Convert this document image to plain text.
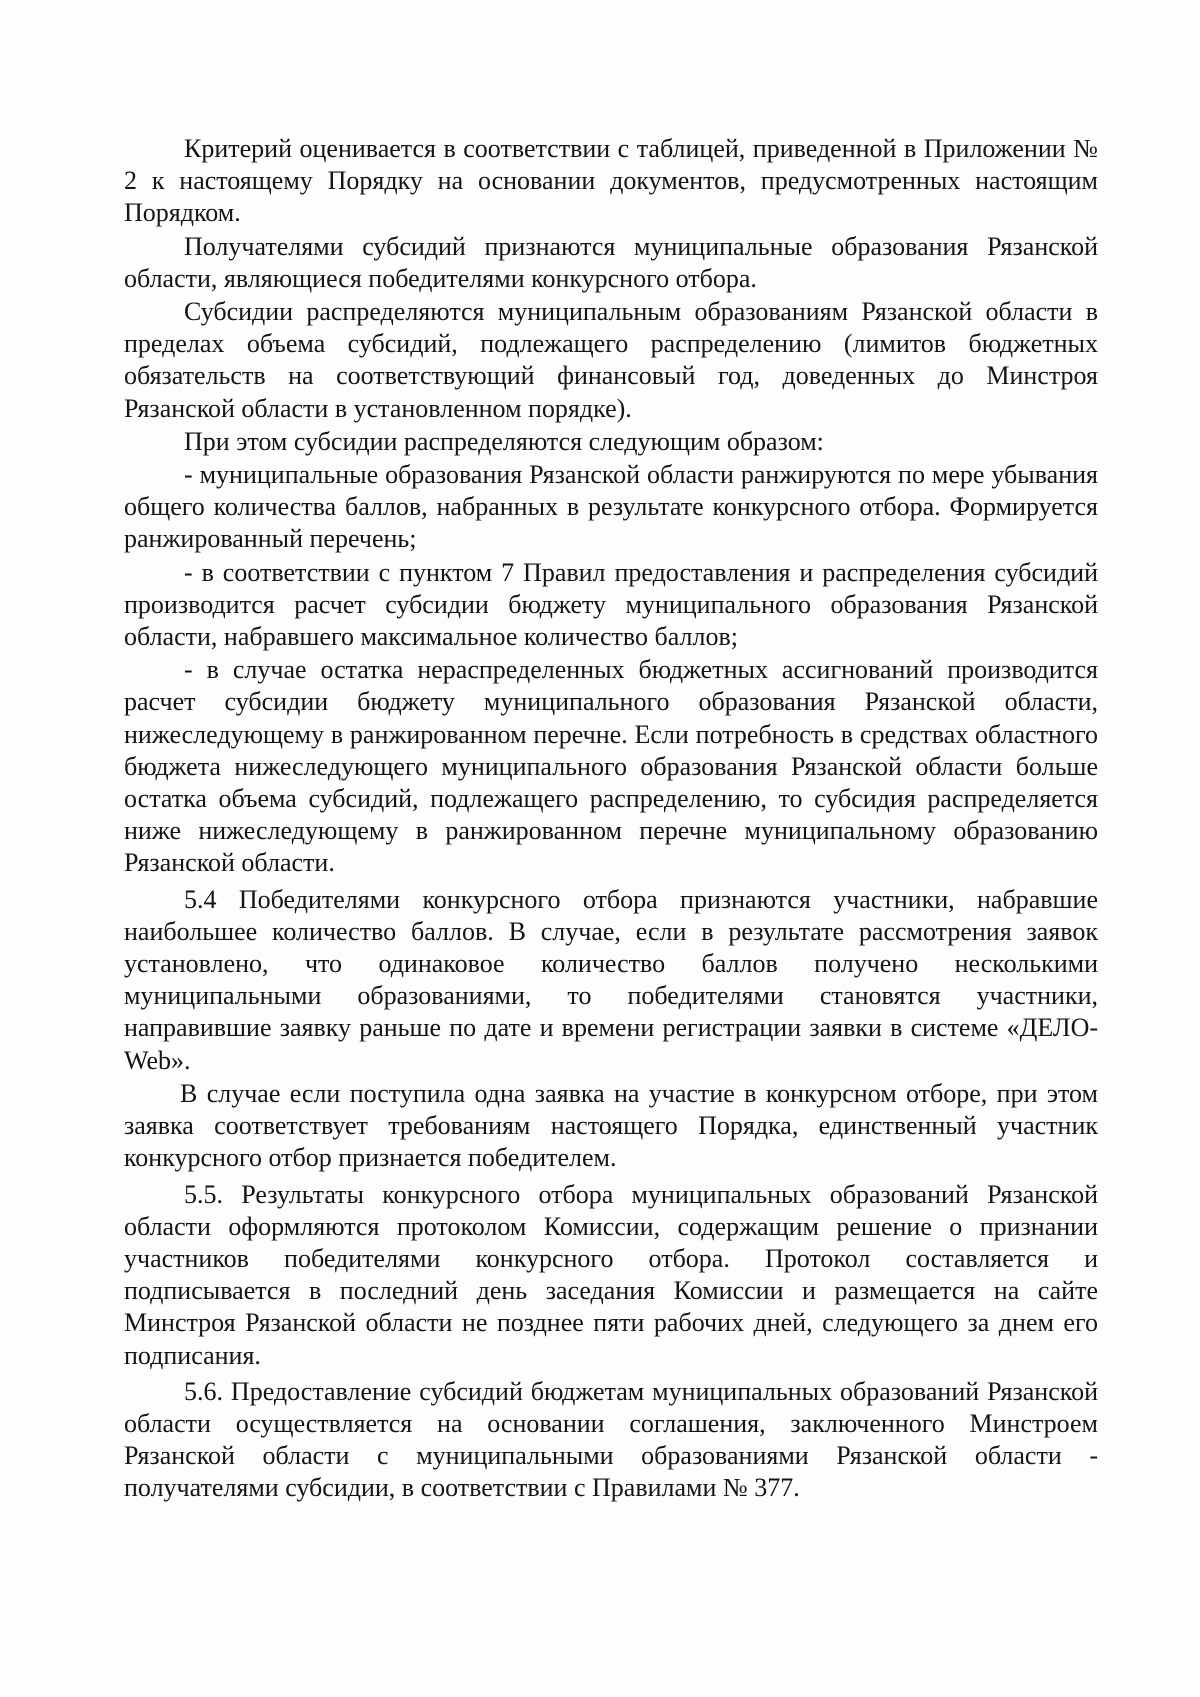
Критерий оценивается в соответствии с таблицей, приведенной в Приложении № 2 к настоящему Порядку на основании документов, предусмотренных настоящим Порядком.

Получателями субсидий признаются муниципальные образования Рязанской области, являющиеся победителями конкурсного отбора.

Субсидии распределяются муниципальным образованиям Рязанской области в пределах объема субсидий, подлежащего распределению (лимитов бюджетных обязательств на соответствующий финансовый год, доведенных до Минстроя Рязанской области в установленном порядке).

При этом субсидии распределяются следующим образом:

- муниципальные образования Рязанской области ранжируются по мере убывания общего количества баллов, набранных в результате конкурсного отбора. Формируется ранжированный перечень;

- в соответствии с пунктом 7 Правил предоставления и распределения субсидий производится расчет субсидии бюджету муниципального образования Рязанской области, набравшего максимальное количество баллов;

- в случае остатка нераспределенных бюджетных ассигнований производится расчет субсидии бюджету муниципального образования Рязанской области, нижеследующему в ранжированном перечне. Если потребность в средствах областного бюджета нижеследующего муниципального образования Рязанской области больше остатка объема субсидий, подлежащего распределению, то субсидия распределяется ниже нижеследующему в ранжированном перечне муниципальному образованию Рязанской области.

5.4 Победителями конкурсного отбора признаются участники, набравшие наибольшее количество баллов. В случае, если в результате рассмотрения заявок установлено, что одинаковое количество баллов получено несколькими муниципальными образованиями, то победителями становятся участники, направившие заявку раньше по дате и времени регистрации заявки в системе «ДЕЛО-Web».

В случае если поступила одна заявка на участие в конкурсном отборе, при этом заявка соответствует требованиям настоящего Порядка, единственный участник конкурсного отбор признается победителем.

5.5. Результаты конкурсного отбора муниципальных образований Рязанской области оформляются протоколом Комиссии, содержащим решение о признании участников победителями конкурсного отбора. Протокол составляется и подписывается в последний день заседания Комиссии и размещается на сайте Минстроя Рязанской области не позднее пяти рабочих дней, следующего за днем его подписания.

5.6. Предоставление субсидий бюджетам муниципальных образований Рязанской области осуществляется на основании соглашения, заключенного Минстроем Рязанской области с муниципальными образованиями Рязанской области - получателями субсидии, в соответствии с Правилами № 377.
